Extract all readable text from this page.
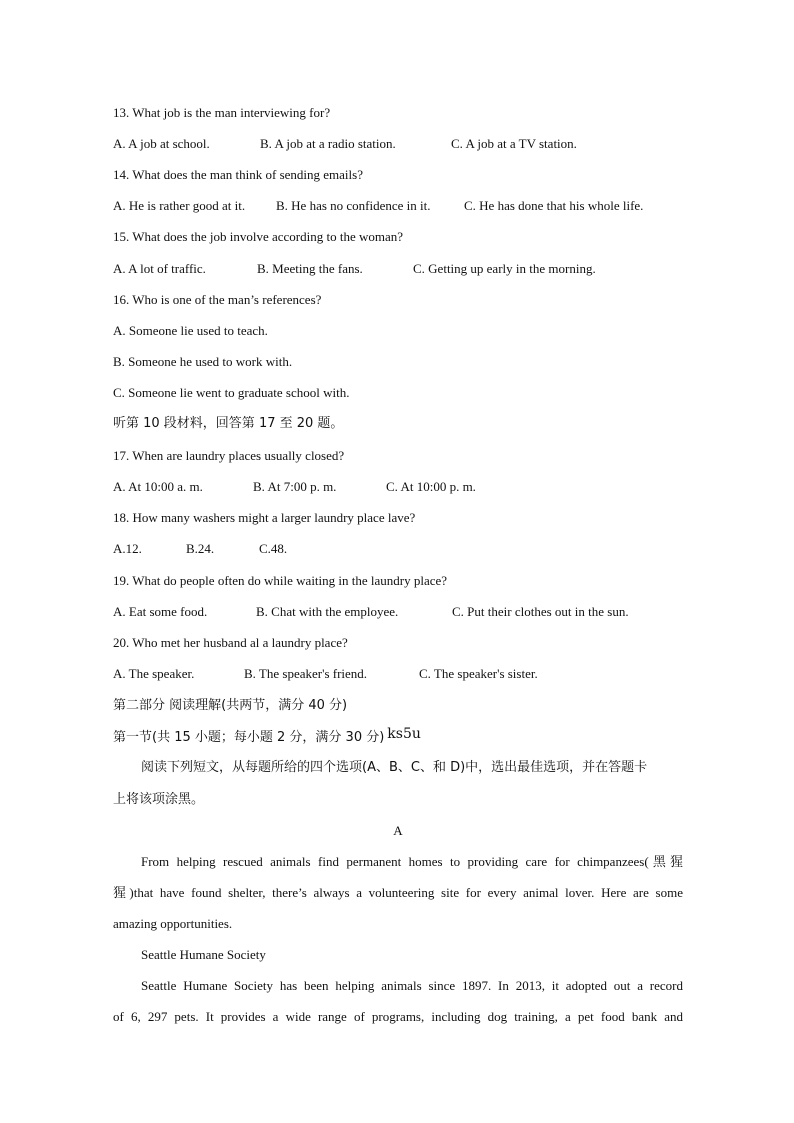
13. What job is the man interviewing for?
A. A job at school.	B. A job at a radio station.	C. A job at a TV station.
14. What does the man think of sending emails?
A. He is rather good at it. B. He has no confidence in it.	C. He has done that his whole life.
15. What does the job involve according to the woman?
A. A lot of traffic.	B. Meeting the fans.	C. Getting up early in the morning.
16. Who is one of the man’s references?
A. Someone lie used to teach.
B. Someone he used to work with.
C. Someone lie went to graduate school with.
听第 10 段材料，回答第 17 至 20 题。
17. When are laundry places usually closed?
A. At 10:00 a. m.	B. At 7:00 p. m.	C. At 10:00 p. m.
18. How many washers might a larger laundry place lave?
A.12.	B.24.	C.48.
19. What do people often do while waiting in the laundry place?
A. Eat some food.	B. Chat with the employee.	C. Put their clothes out in the sun.
20. Who met her husband al a laundry place?
A. The speaker.	B. The speaker's friend.	C. The speaker's sister.
第二部分 阅读理解(共两节，满分 40 分)
第一节(共 15 小题；每小题 2 分，满分 30 分) ks5u
阅读下列短文，从每题所给的四个选项(A、B、C、和 D)中，选出最佳选项，并在答题卡
上将该项涂黑。
A
From helping rescued animals find permanent homes to providing care for chimpanzees(黑猩
猩)that have found shelter, there’s always a volunteering site for every animal lover. Here are some
amazing opportunities.
Seattle Humane Society
Seattle Humane Society has been helping animals since 1897. In 2013, it adopted out a record
of 6, 297 pets. It provides a wide range of programs, including dog training, a pet food bank and
